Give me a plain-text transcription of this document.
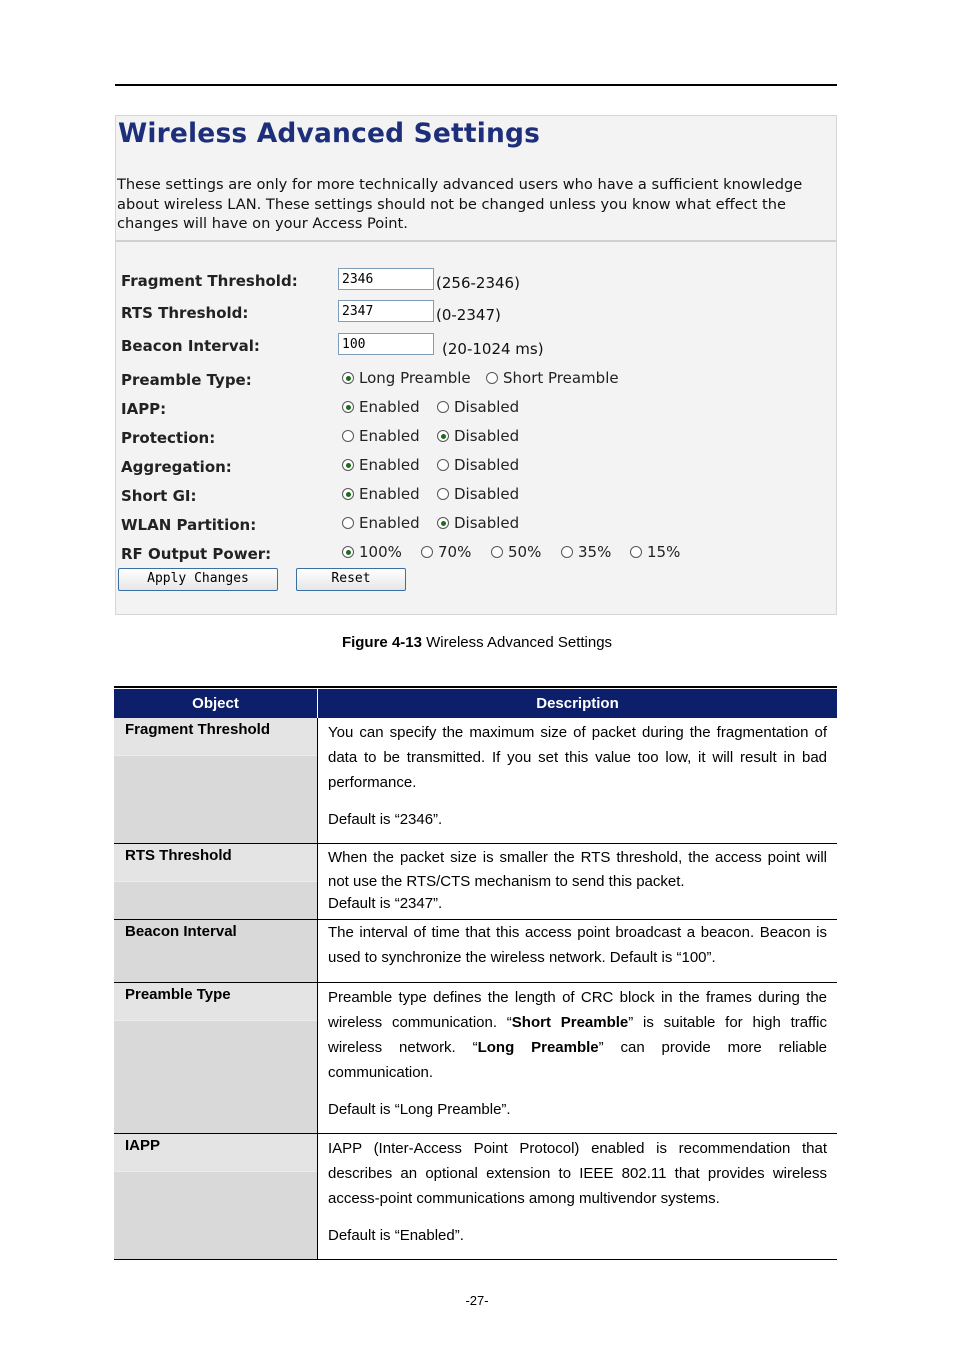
Wireless Advanced Settings
These settings are only for more technically advanced users who have a sufficient knowledge about wireless LAN. These settings should not be changed unless you know what effect the changes will have on your Access Point.
Fragment Threshold:
2346	(256-2346)
RTS Threshold:
2347	(0-2347)
Beacon Interval:
100	(20-1024 ms)
Preamble Type:	Long Preamble Short Preamble
IAPP:	Enabled Disabled
Protection:	Enabled Disabled
Aggregation:	Enabled Disabled
Short GI:	Enabled Disabled
WLAN Partition:	Enabled Disabled
RF Output Power:	100% 70% 50% 35% 15%
Apply Changes	Reset
Figure 4-13 Wireless Advanced Settings
Object	Description
Fragment Threshold	You can specify the maximum size of packet during the fragmentation of data to be transmitted. If you set this value too low, it will result in bad performance.

Default is “2346”.

RTS Threshold	When the packet size is smaller the RTS threshold, the access point will not use the RTS/CTS mechanism to send this packet.

Default is “2347”.

Beacon Interval	The interval of time that this access point broadcast a beacon. Beacon is used to synchronize the wireless network. Default is “100”.

Preamble Type	Preamble type defines the length of CRC block in the frames during the wireless communication. “Short Preamble” is suitable for high traffic wireless network. “Long Preamble” can provide more reliable communication.

Default is “Long Preamble”.

IAPP	IAPP (Inter-Access Point Protocol) enabled is recommendation that describes an optional extension to IEEE 802.11 that provides wireless access-point communications among multivendor systems.

Default is “Enabled”.

-27-
